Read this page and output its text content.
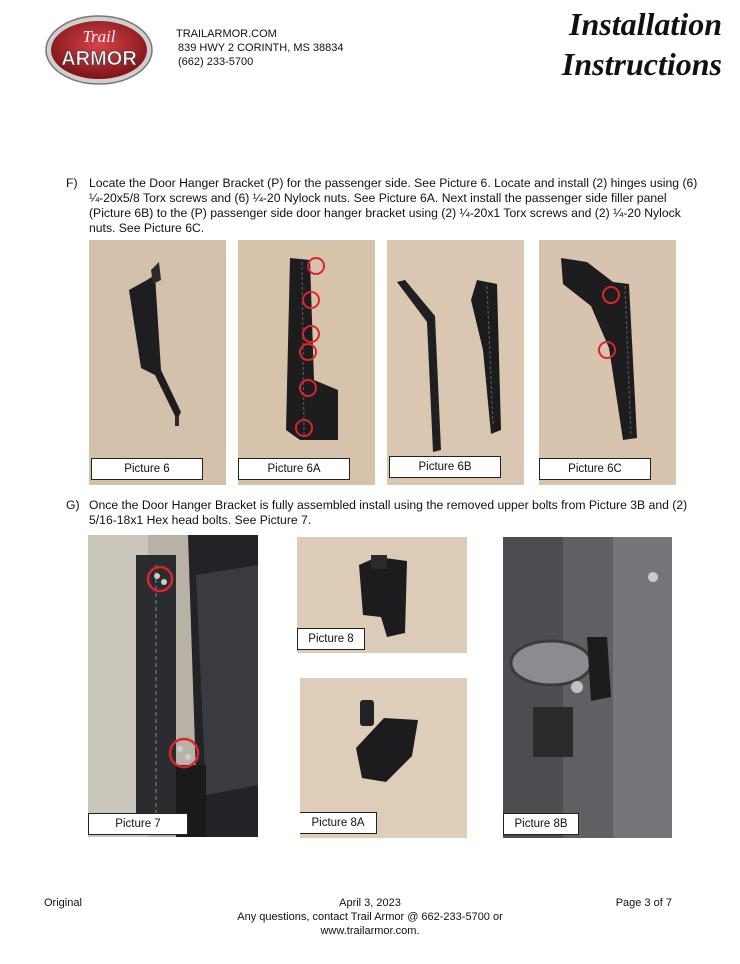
Trail
ARMOR
TRAILARMOR.COM
839 HWY 2 CORINTH, MS 38834
(662) 233-5700
Installation
Instructions
F) Locate the Door Hanger Bracket (P) for the passenger side. See Picture 6. Locate and install (2) hinges using (6) ¼-20x5/8 Torx screws and (6) ¼-20 Nylock nuts. See Picture 6A. Next install the passenger side filler panel (Picture 6B) to the (P) passenger side door hanger bracket using (2) ¼-20x1 Torx screws and (2) ¼-20 Nylock nuts. See Picture 6C.
Picture 6	Picture 6A	Picture 6B	Picture 6C
G) Once the Door Hanger Bracket is fully assembled install using the removed upper bolts from Picture 3B and (2) 5/16-18x1 Hex head bolts. See Picture 7.
Picture 7
Picture 8
Picture 8A	Picture 8B
Original	April 3, 2023
Any questions, contact Trail Armor @ 662-233-5700 or
www.trailarmor.com.
Page 3 of 7
